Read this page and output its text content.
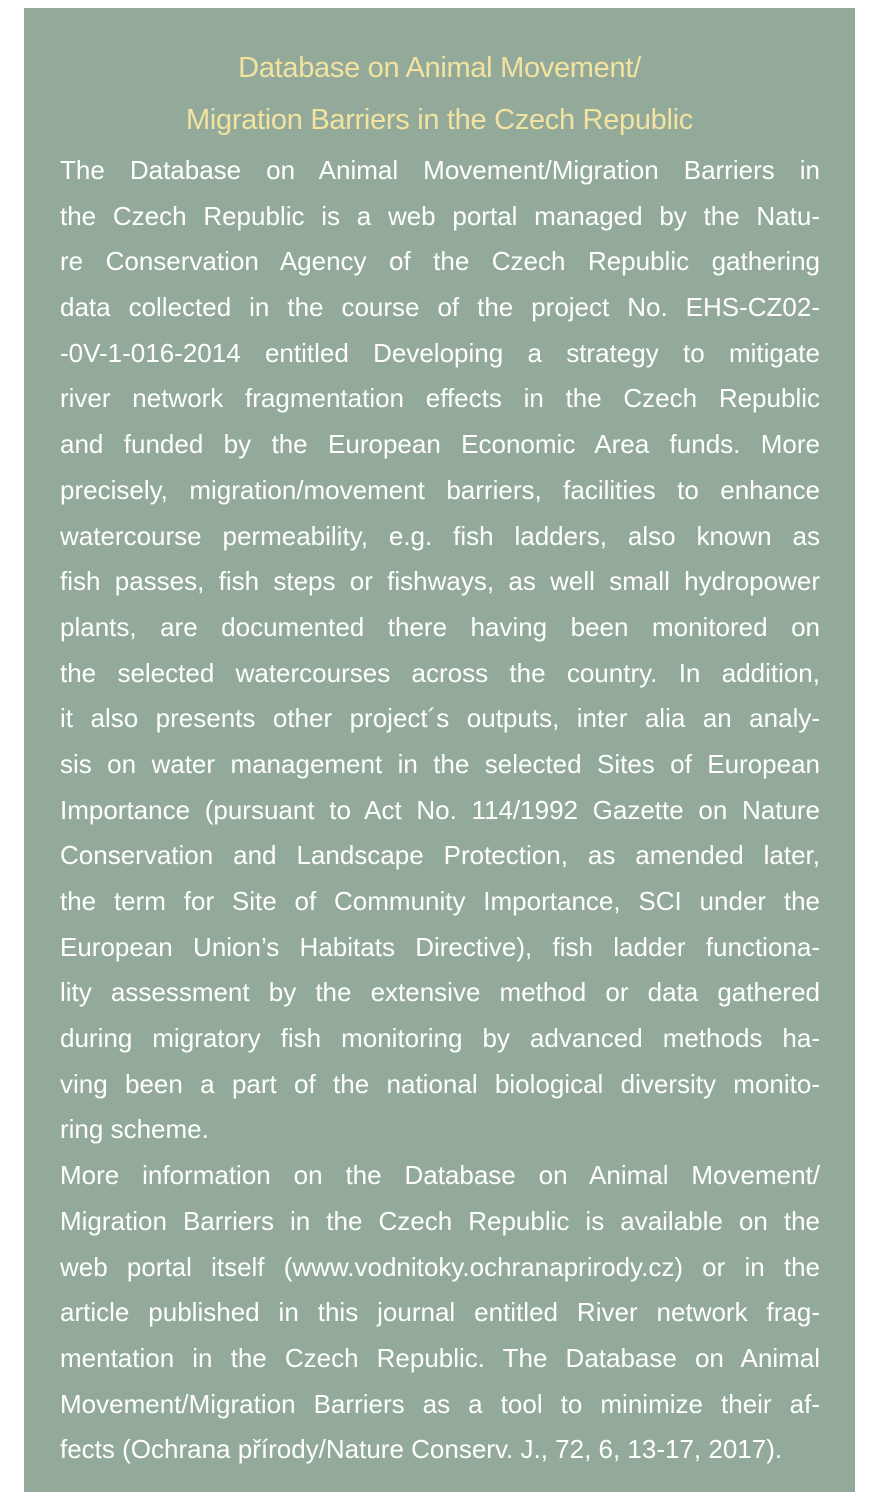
Database on Animal Movement/
Migration Barriers in the Czech Republic
The Database on Animal Movement/Migration Barriers in
the Czech Republic is a web portal managed by the Natu-
re Conservation Agency of the Czech Republic gathering
data collected in the course of the project No. EHS-CZ02-
-0V-1-016-2014 entitled Developing a strategy to mitigate
river network fragmentation effects in the Czech Republic
and funded by the European Economic Area funds. More
precisely, migration/movement barriers, facilities to enhance
watercourse permeability, e.g. fish ladders, also known as
fish passes, fish steps or fishways, as well small hydropower
plants, are documented there having been monitored on
the selected watercourses across the country. In addition,
it also presents other project´s outputs, inter alia an analy-
sis on water management in the selected Sites of European
Importance (pursuant to Act No. 114/1992 Gazette on Nature
Conservation and Landscape Protection, as amended later,
the term for Site of Community Importance, SCI under the
European Union’s Habitats Directive), fish ladder functiona-
lity assessment by the extensive method or data gathered
during migratory fish monitoring by advanced methods ha-
ving been a part of the national biological diversity monito-
ring scheme.
More information on the Database on Animal Movement/
Migration Barriers in the Czech Republic is available on the
web portal itself (www.vodnitoky.ochranaprirody.cz) or in the
article published in this journal entitled River network frag-
mentation in the Czech Republic. The Database on Animal
Movement/Migration Barriers as a tool to minimize their af-
fects (Ochrana přírody/Nature Conserv. J., 72, 6, 13-17, 2017).
